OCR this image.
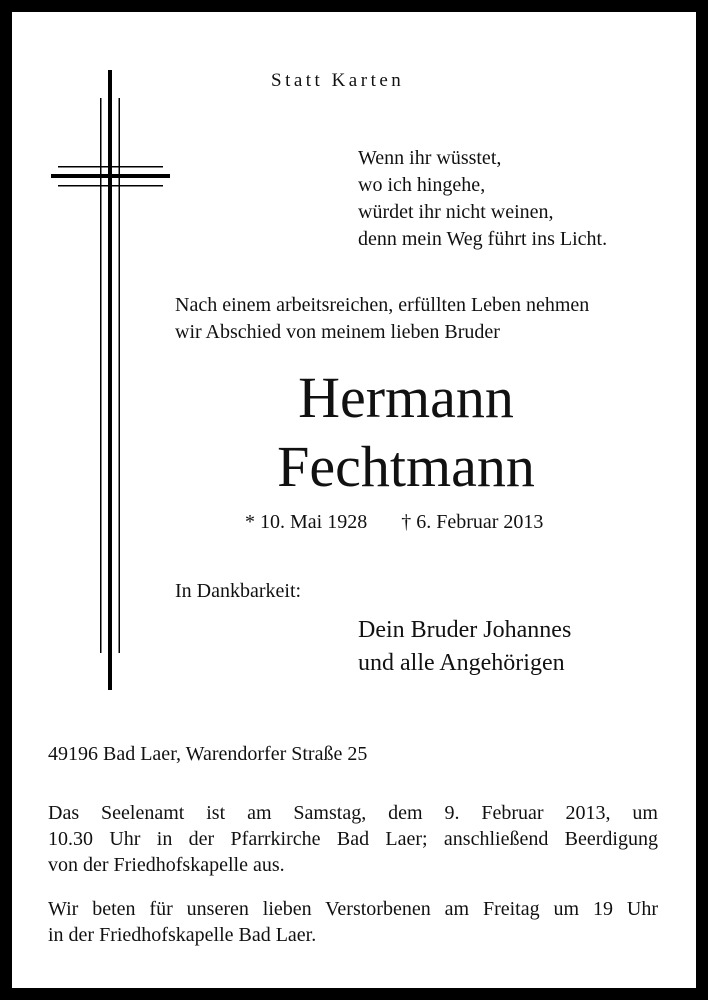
Statt Karten
Wenn ihr wüsstet,
wo ich hingehe,
würdet ihr nicht weinen,
denn mein Weg führt ins Licht.
Nach einem arbeitsreichen, erfüllten Leben nehmen
wir Abschied von meinem lieben Bruder
Hermann
Fechtmann
* 10. Mai 1928 † 6. Februar 2013
In Dankbarkeit:
Dein Bruder Johannes
und alle Angehörigen
49196 Bad Laer, Warendorfer Straße 25
Das Seelenamt ist am Samstag, dem 9. Februar 2013, um
10.30 Uhr in der Pfarrkirche Bad Laer; anschließend Beerdigung
von der Friedhofskapelle aus.
Wir beten für unseren lieben Verstorbenen am Freitag um 19 Uhr
in der Friedhofskapelle Bad Laer.
